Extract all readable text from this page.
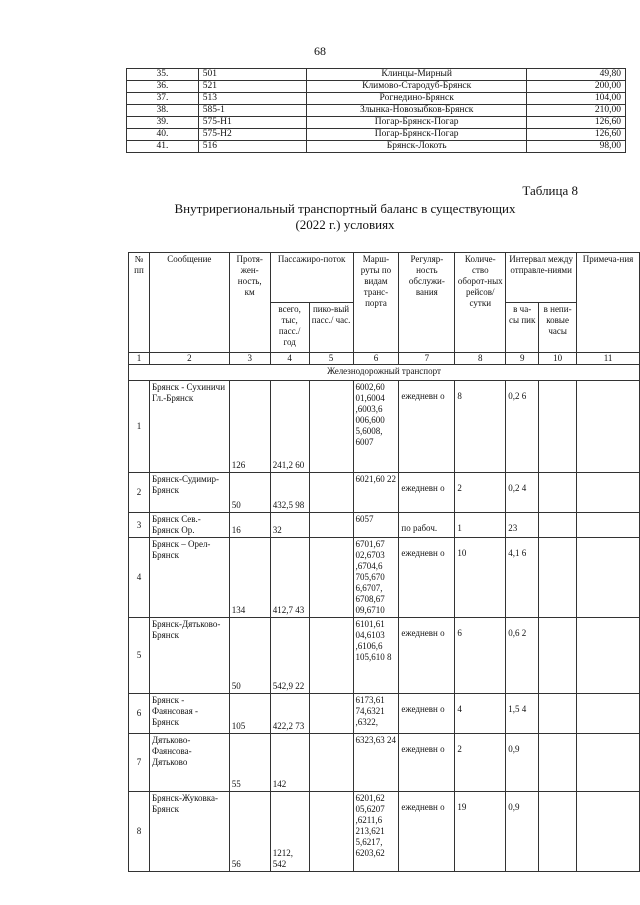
68
35.	501	Клинцы-Мирный	49,80
36.	521	Климово-Стародуб-Брянск	200,00
37.	513	Рогнедино-Брянск	104,00
38.	585-1	Злынка-Новозыбков-Брянск	210,00
39.	575-Н1	Погар-Брянск-Погар	126,60
40.	575-Н2	Погар-Брянск-Погар	126,60
41.	516	Брянск-Локоть	98,00
Таблица 8
Внутрирегиональный транспортный баланс в существующих
(2022 г.) условиях
№ пп	Сообщение	Протя-жен-ность, км	Пассажиро-поток		Марш-руты по видам транс-порта	Регуляр-ность обслужи-вания	Количе-ство оборот-ных рейсов/ сутки	Интервал между отправле-ниями		Примеча-ния
			всего, тыс, пасс./ год	пико-вый пасс./ час.				в ча-сы пик	в непи-ковые часы	
1	2	3	4	5	6	7	8	9	10	11
Железнодорожный транспорт										
1	Брянск - Сухиничи Гл.-Брянск	126	241,2 60		6002,60 01,6004 ,6003,6 006,600 5,6008, 6007	ежедневн о	8	0,2 6		
2	Брянск-Судимир-Брянск	50	432,5 98		6021,60 22	ежедневн о	2	0,2 4		
3	Брянск Сев.-Брянск Ор.	16	32		6057	по рабоч.	1	23		
4	Брянск – Орел-Брянск	134	412,7 43		6701,67 02,6703 ,6704,6 705,670 6,6707, 6708,67 09,6710	ежедневн о	10	4,1 6		
5	Брянск-Дятьково-Брянск	50	542,9 22		6101,61 04,6103 ,6106,6 105,610 8	ежедневн о	6	0,6 2		
6	Брянск - Фаянсовая - Брянск	105	422,2 73		6173,61 74,6321 ,6322,	ежедневн о	4	1,5 4		
7	Дятьково-Фаянсова-Дятьково	55	142		6323,63 24	ежедневн о	2	0,9		
8	Брянск-Жуковка-Брянск	56	1212, 542		6201,62 05,6207 ,6211,6 213,621 5,6217, 6203,62	ежедневн о	19	0,9		
